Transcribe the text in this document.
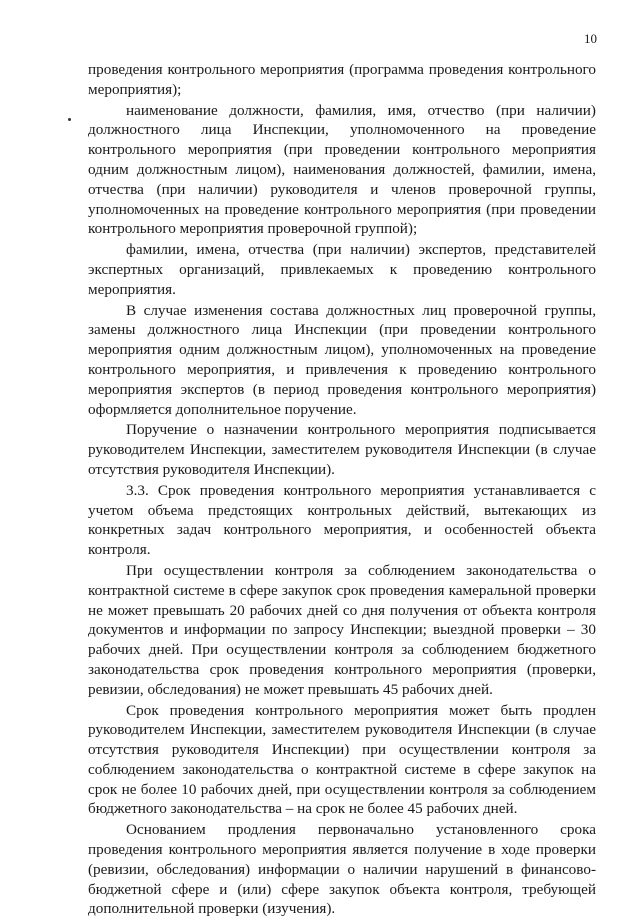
10

проведения контрольного мероприятия (программа проведения контрольного мероприятия);

наименование должности, фамилия, имя, отчество (при наличии) должностного лица Инспекции, уполномоченного на проведение контрольного мероприятия (при проведении контрольного мероприятия одним должностным лицом), наименования должностей, фамилии, имена, отчества (при наличии) руководителя и членов проверочной группы, уполномоченных на проведение контрольного мероприятия (при проведении контрольного мероприятия проверочной группой);

фамилии, имена, отчества (при наличии) экспертов, представителей экспертных организаций, привлекаемых к проведению контрольного мероприятия.

В случае изменения состава должностных лиц проверочной группы, замены должностного лица Инспекции (при проведении контрольного мероприятия одним должностным лицом), уполномоченных на проведение контрольного мероприятия, и привлечения к проведению контрольного мероприятия экспертов (в период проведения контрольного мероприятия) оформляется дополнительное поручение.

Поручение о назначении контрольного мероприятия подписывается руководителем Инспекции, заместителем руководителя Инспекции (в случае отсутствия руководителя Инспекции).

3.3. Срок проведения контрольного мероприятия устанавливается с учетом объема предстоящих контрольных действий, вытекающих из конкретных задач контрольного мероприятия, и особенностей объекта контроля.

При осуществлении контроля за соблюдением законодательства о контрактной системе в сфере закупок срок проведения камеральной проверки не может превышать 20 рабочих дней со дня получения от объекта контроля документов и информации по запросу Инспекции; выездной проверки – 30 рабочих дней. При осуществлении контроля за соблюдением бюджетного законодательства срок проведения контрольного мероприятия (проверки, ревизии, обследования) не может превышать 45 рабочих дней.

Срок проведения контрольного мероприятия может быть продлен руководителем Инспекции, заместителем руководителя Инспекции (в случае отсутствия руководителя Инспекции) при осуществлении контроля за соблюдением законодательства о контрактной системе в сфере закупок на срок не более 10 рабочих дней, при осуществлении контроля за соблюдением бюджетного законодательства – на срок не более 45 рабочих дней.

Основанием продления первоначально установленного срока проведения контрольного мероприятия является получение в ходе проверки (ревизии, обследования) информации о наличии нарушений в финансово-бюджетной сфере и (или) сфере закупок объекта контроля, требующей дополнительной проверки (изучения).
